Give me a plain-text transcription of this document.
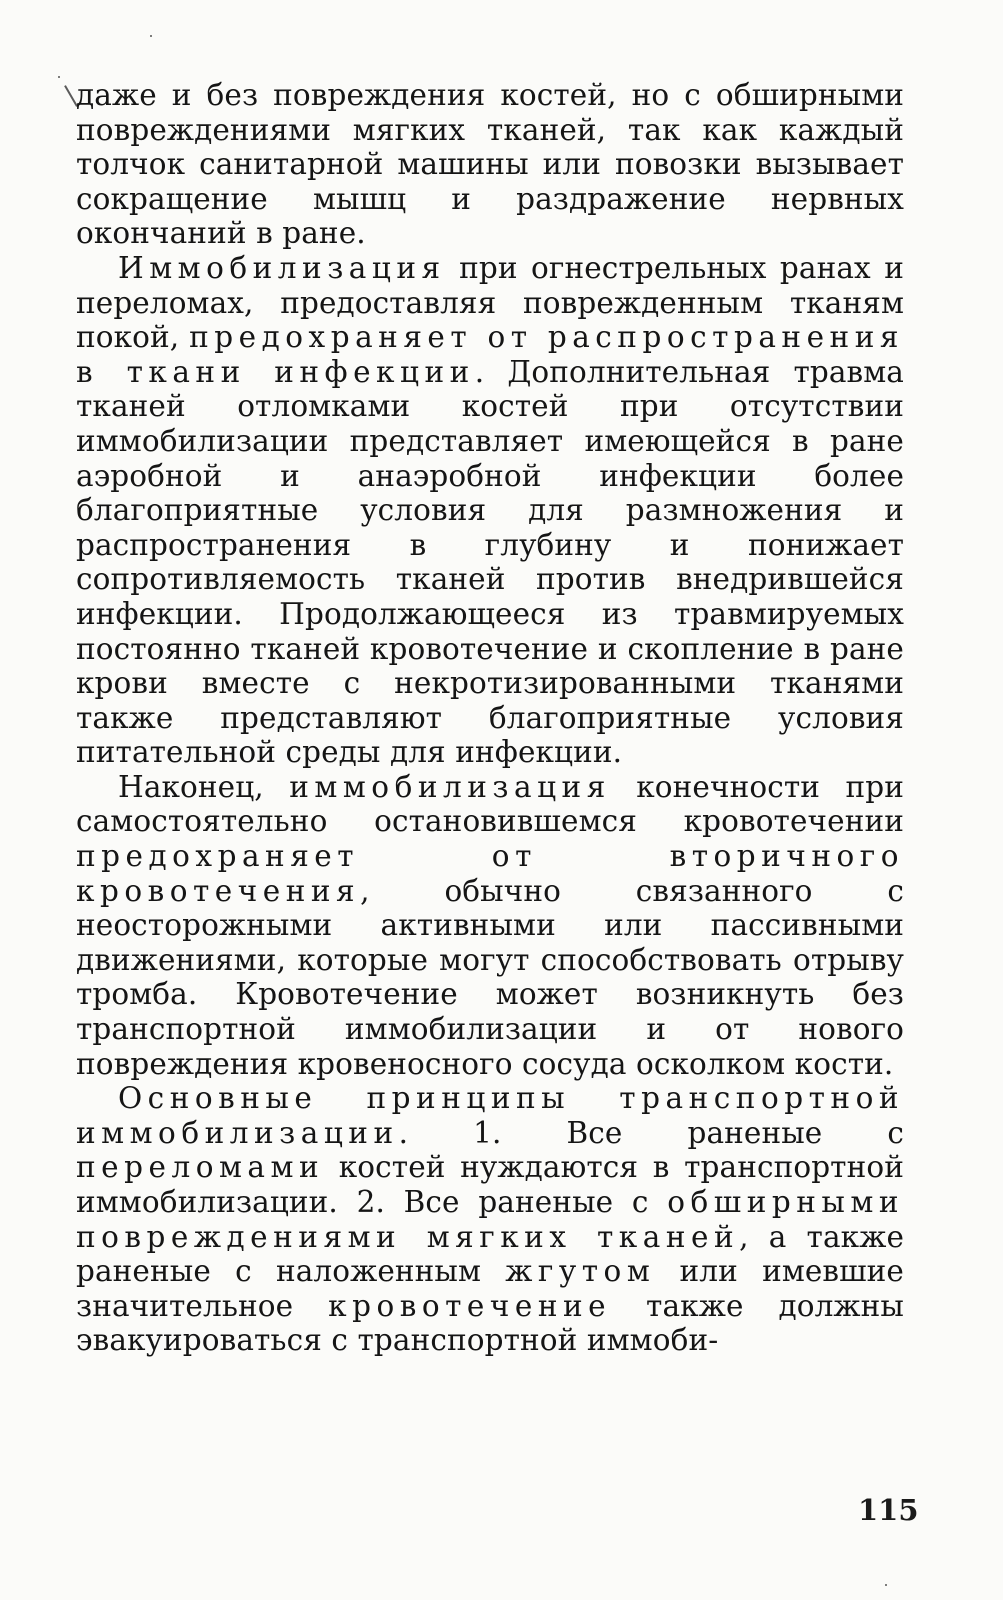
даже и без повреждения костей, но с обширными повреждениями мягких тканей, так как каждый толчок санитарной машины или повозки вызывает сокращение мышц и раздражение нервных окончаний в ране.

Иммобилизация при огнестрельных ранах и переломах, предоставляя поврежденным тканям покой, предохраняет от распространения в ткани инфекции. Дополнительная травма тканей отломками костей при отсутствии иммобилизации представляет имеющейся в ране аэробной и анаэробной инфекции более благоприятные условия для размножения и распространения в глубину и понижает сопротивляемость тканей против внедрившейся инфекции. Продолжающееся из травмируемых постоянно тканей кровотечение и скопление в ране крови вместе с некротизированными тканями также представляют благоприятные условия питательной среды для инфекции.

Наконец, иммобилизация конечности при самостоятельно остановившемся кровотечении предохраняет от вторичного кровотечения, обычно связанного с неосторожными активными или пассивными движениями, которые могут способствовать отрыву тромба. Кровотечение может возникнуть без транспортной иммобилизации и от нового повреждения кровеносного сосуда осколком кости.

Основные принципы транспортной иммобилизации. 1. Все раненые с переломами костей нуждаются в транспортной иммобилизации. 2. Все раненые с обширными повреждениями мягких тканей, а также раненые с наложенным жгутом или имевшие значительное кровотечение также должны эвакуироваться с транспортной иммоби-

115
